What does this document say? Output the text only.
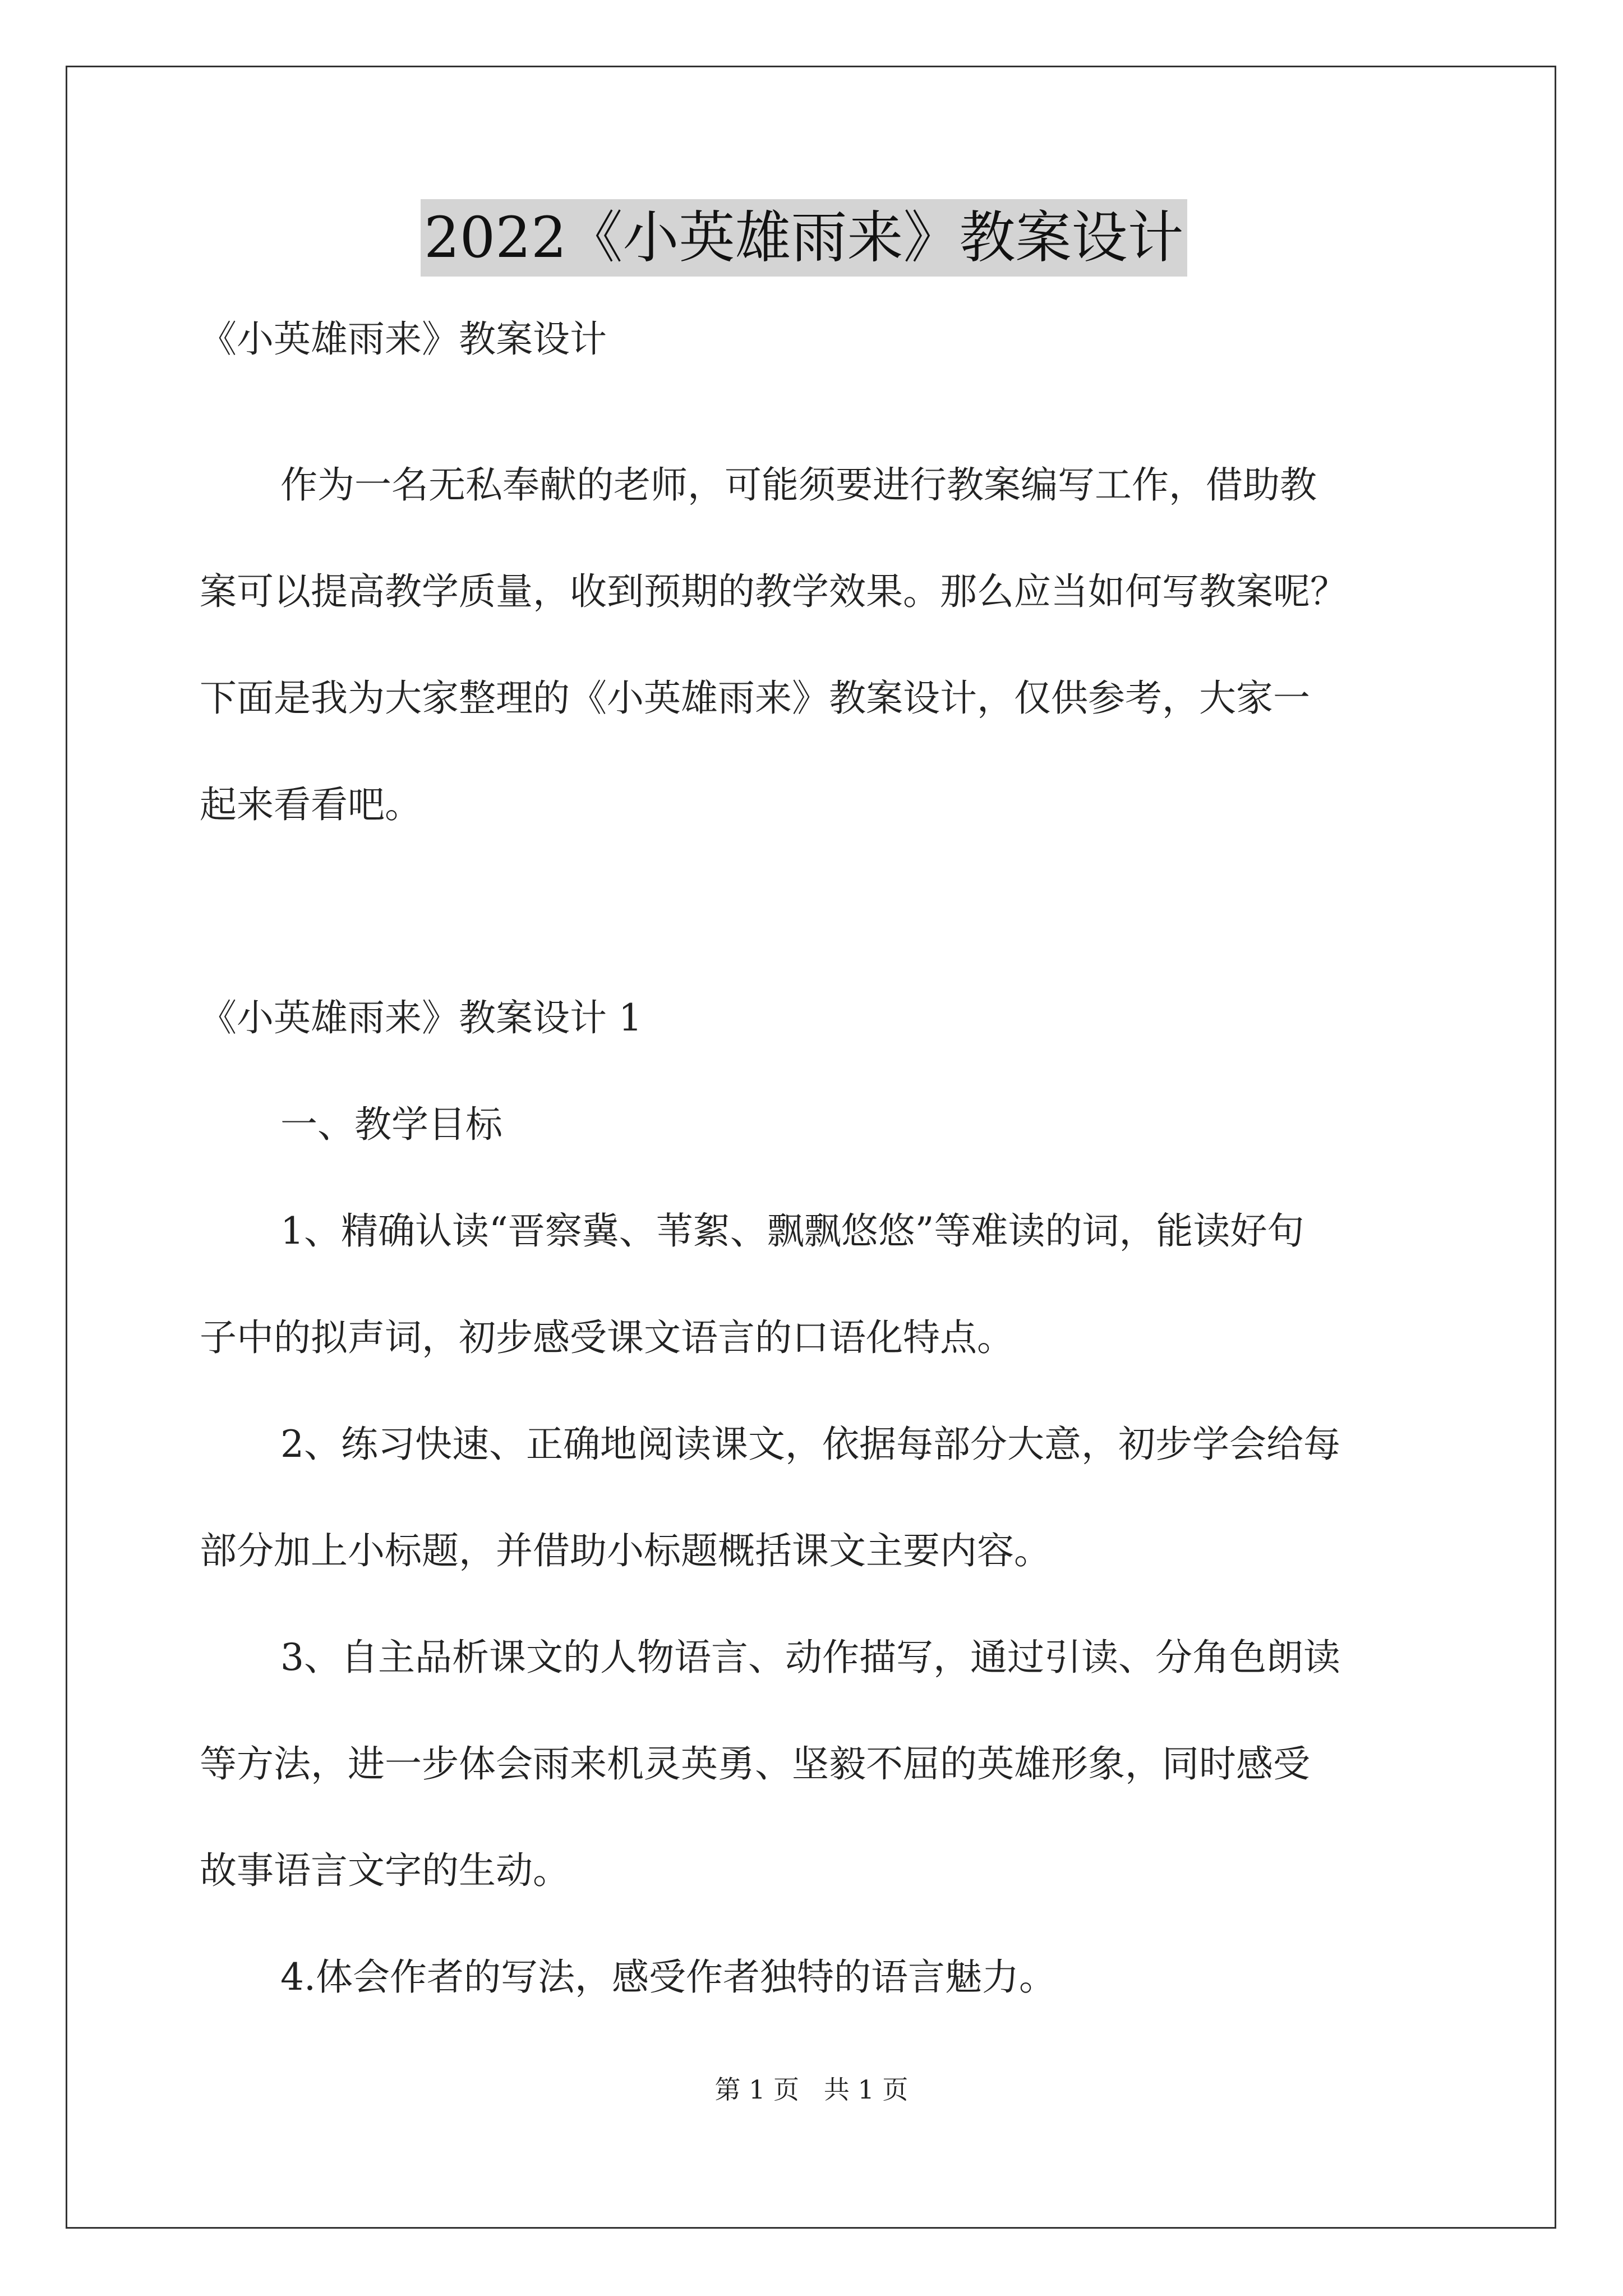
2022《小英雄雨来》教案设计
《小英雄雨来》教案设计
作为一名无私奉献的老师，可能须要进行教案编写工作，借助教
案可以提高教学质量，收到预期的教学效果。那么应当如何写教案呢？
下面是我为大家整理的《小英雄雨来》教案设计，仅供参考，大家一
起来看看吧。
《小英雄雨来》教案设计 1
一、教学目标
1、精确认读“晋察冀、苇絮、飘飘悠悠”等难读的词，能读好句
子中的拟声词，初步感受课文语言的口语化特点。
2、练习快速、正确地阅读课文，依据每部分大意，初步学会给每
部分加上小标题，并借助小标题概括课文主要内容。
3、自主品析课文的人物语言、动作描写，通过引读、分角色朗读
等方法，进一步体会雨来机灵英勇、坚毅不屈的英雄形象，同时感受
故事语言文字的生动。
4.体会作者的写法，感受作者独特的语言魅力。
第 1 页   共 1 页
